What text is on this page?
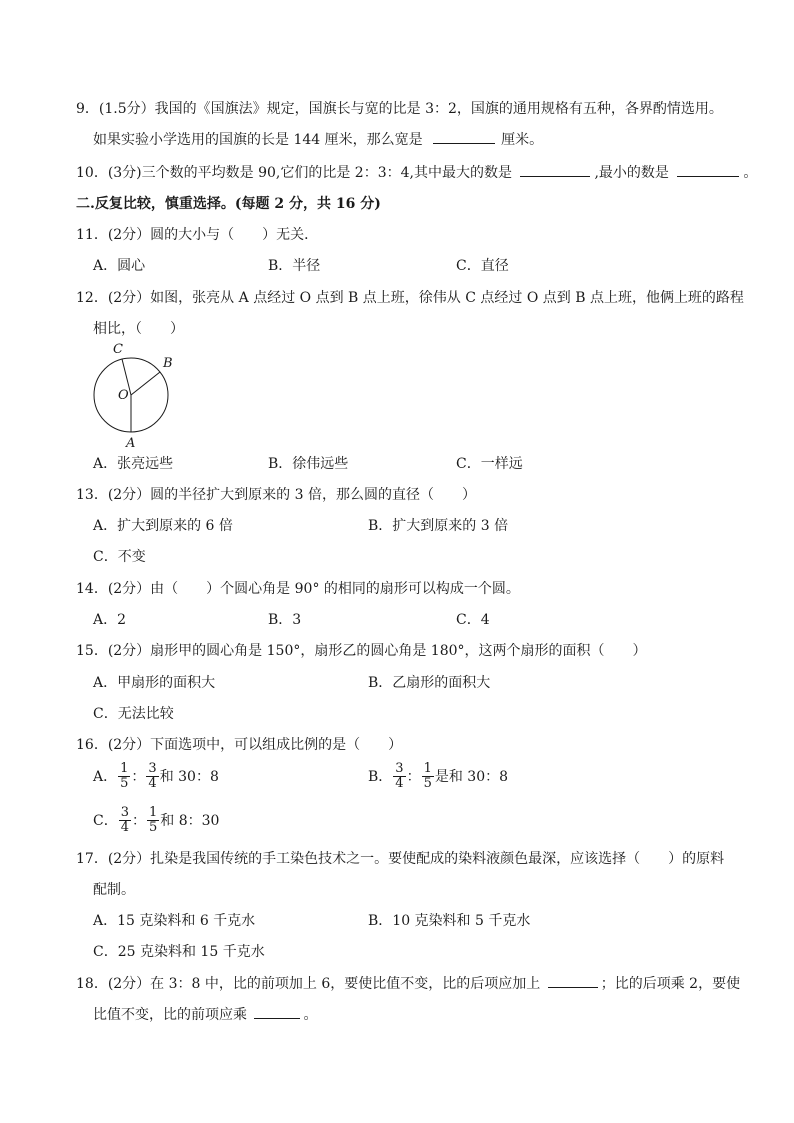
9．(1.5分）我国的《国旗法》规定，国旗长与宽的比是 3：2，国旗的通用规格有五种，各界酌情选用。
如果实验小学选用的国旗的长是 144 厘米，那么宽是	厘米。
10．(3分)三个数的平均数是 90,它们的比是 2：3：4,其中最大的数是	,最小的数是	。
二.反复比较，慎重选择。(每题 2 分，共 16 分)
11．(2分）圆的大小与（　　）无关．
A．圆心	B．半径	C．直径
12．(2分）如图，张亮从 A 点经过 O 点到 B 点上班，徐伟从 C 点经过 O 点到 B 点上班，他俩上班的路程
相比，（　　）
C
B
O
A
A．张亮远些	B．徐伟远些	C．一样远
13．(2分）圆的半径扩大到原来的 3 倍，那么圆的直径（　　）
A．扩大到原来的 6 倍	B．扩大到原来的 3 倍
C．不变
14．(2分）由（　　）个圆心角是 90° 的相同的扇形可以构成一个圆。
A．2	B．3	C．4
15．(2分）扇形甲的圆心角是 150°，扇形乙的圆心角是 180°，这两个扇形的面积（　　）
A．甲扇形的面积大	B．乙扇形的面积大
C．无法比较
16．(2分）下面选项中，可以组成比例的是（　　）
A． $\frac{1}{5}$ ： $\frac{3}{4}$ 和 30：8	B． $\frac{3}{4}$ ： $\frac{1}{5}$ 是和 30：8
C． $\frac{3}{4}$ ： $\frac{1}{5}$ 和 8：30
17．(2分）扎染是我国传统的手工染色技术之一。要使配成的染料液颜色最深，应该选择（　　）的原料
配制。
A．15 克染料和 6 千克水	B．10 克染料和 5 千克水
C．25 克染料和 15 千克水
18．(2分）在 3：8 中，比的前项加上 6，要使比值不变，比的后项应加上	；比的后项乘 2，要使
比值不变，比的前项应乘	。
